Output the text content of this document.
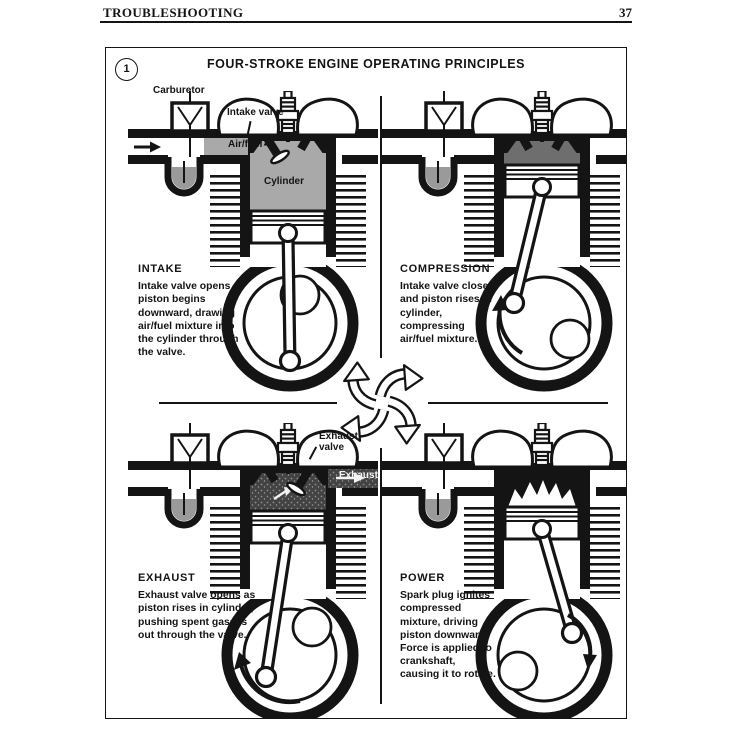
TROUBLESHOOTING	37
1	FOUR-STROKE ENGINE OPERATING PRINCIPLES
Carburetor
Intake valve
Air/fuel
Cylinder
Exhaust valve
Exhaust
INTAKE
Intake valve opens as piston begins downward, drawing air/fuel mixture into the cylinder through the valve.
COMPRESSION
Intake valve closes and piston rises in cylinder, compressing air/fuel mixture.
EXHAUST
Exhaust valve opens as piston rises in cylinder, pushing spent gasses out through the valve.
POWER
Spark plug ignites compressed mixture, driving piston downward. Force is applied to crankshaft, causing it to rotate.
